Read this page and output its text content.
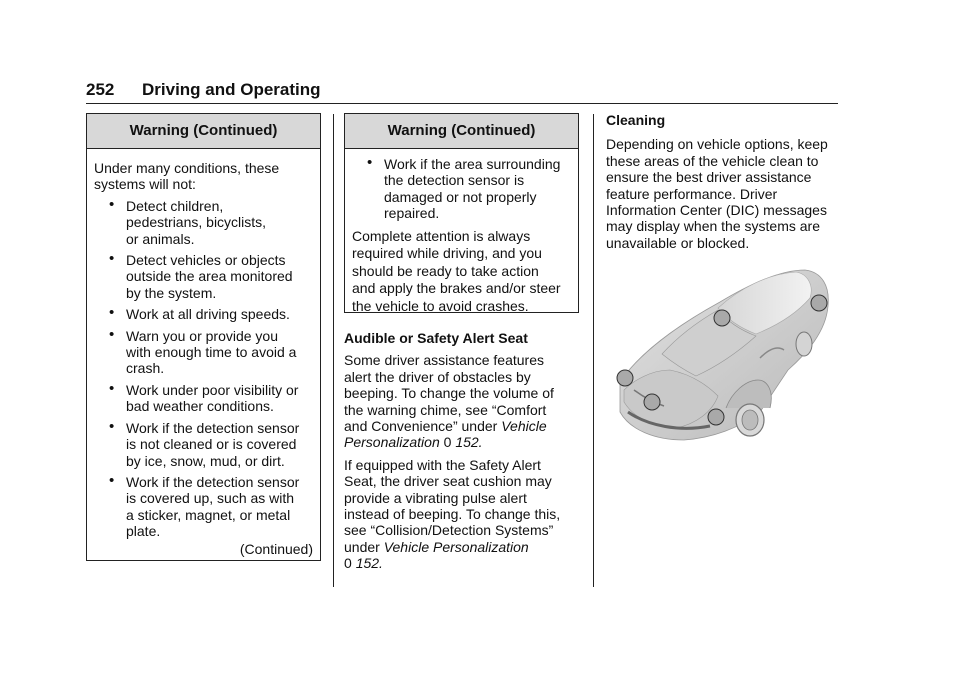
252 Driving and Operating
Warning (Continued)

Under many conditions, these
systems will not:

• Detect children,
pedestrians, bicyclists,
or animals.
• Detect vehicles or objects
outside the area monitored
by the system.
• Work at all driving speeds.
• Warn you or provide you
with enough time to avoid a
crash.
• Work under poor visibility or
bad weather conditions.
• Work if the detection sensor
is not cleaned or is covered
by ice, snow, mud, or dirt.
• Work if the detection sensor
is covered up, such as with
a sticker, magnet, or metal
plate.
(Continued)
Warning (Continued)
• Work if the area surrounding
the detection sensor is
damaged or not properly
repaired.

Complete attention is always
required while driving, and you
should be ready to take action
and apply the brakes and/or steer
the vehicle to avoid crashes.

Audible or Safety Alert Seat

Some driver assistance features
alert the driver of obstacles by
beeping. To change the volume of
the warning chime, see “Comfort
and Convenience” under Vehicle
Personalization 0 152.

If equipped with the Safety Alert
Seat, the driver seat cushion may
provide a vibrating pulse alert
instead of beeping. To change this,
see “Collision/Detection Systems”
under Vehicle Personalization
0 152.

Cleaning

Depending on vehicle options, keep
these areas of the vehicle clean to
ensure the best driver assistance
feature performance. Driver
Information Center (DIC) messages
may display when the systems are
unavailable or blocked.
